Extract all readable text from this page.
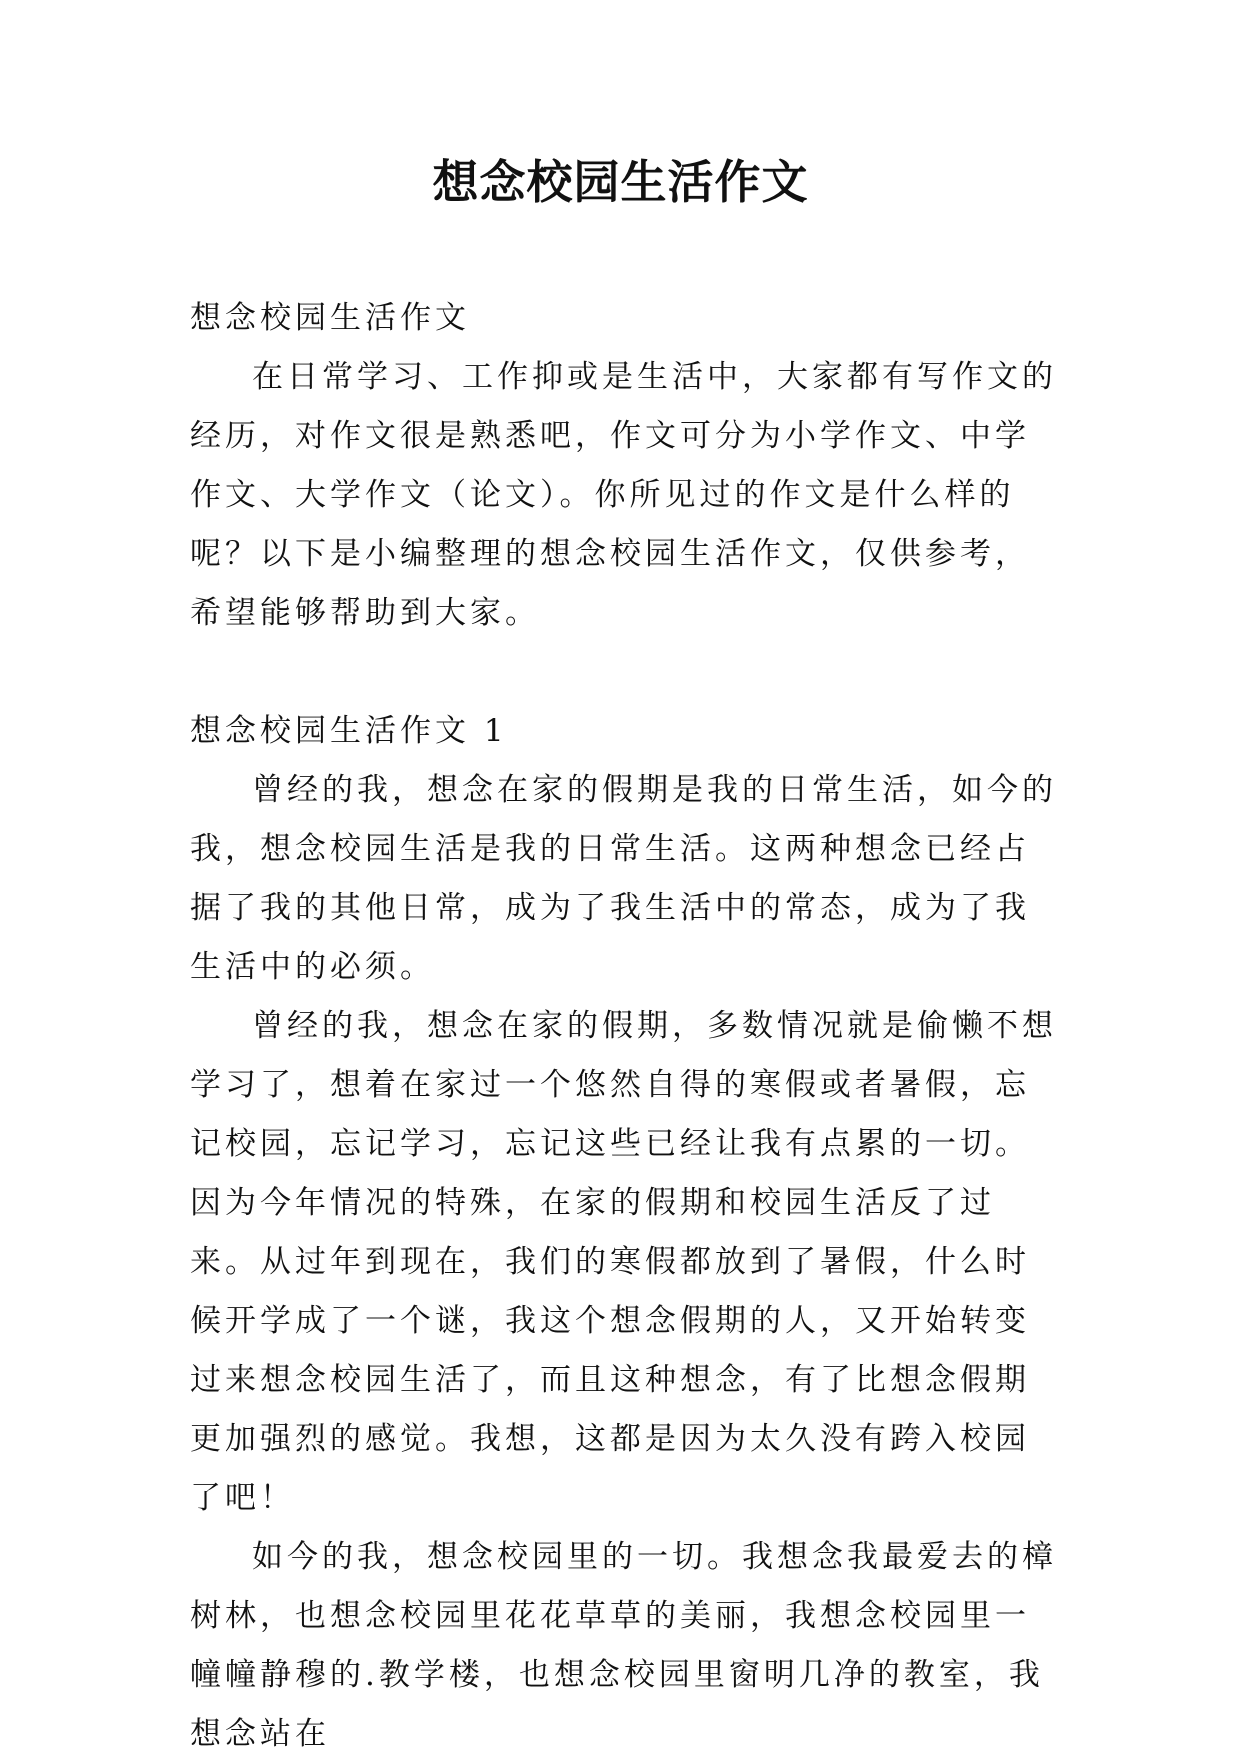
想念校园生活作文

想念校园生活作文

在日常学习、工作抑或是生活中，大家都有写作文的经历，对作文很是熟悉吧，作文可分为小学作文、中学作文、大学作文（论文）。你所见过的作文是什么样的呢？以下是小编整理的想念校园生活作文，仅供参考，希望能够帮助到大家。

想念校园生活作文 1

曾经的我，想念在家的假期是我的日常生活，如今的我，想念校园生活是我的日常生活。这两种想念已经占据了我的其他日常，成为了我生活中的常态，成为了我生活中的必须。

曾经的我，想念在家的假期，多数情况就是偷懒不想学习了，想着在家过一个悠然自得的寒假或者暑假，忘记校园，忘记学习，忘记这些已经让我有点累的一切。因为今年情况的特殊，在家的假期和校园生活反了过来。从过年到现在，我们的寒假都放到了暑假，什么时候开学成了一个谜，我这个想念假期的人，又开始转变过来想念校园生活了，而且这种想念，有了比想念假期更加强烈的感觉。我想，这都是因为太久没有跨入校园了吧！

如今的我，想念校园里的一切。我想念我最爱去的樟树林，也想念校园里花花草草的美丽，我想念校园里一幢幢静穆的.教学楼，也想念校园里窗明几净的教室，我想念站在
